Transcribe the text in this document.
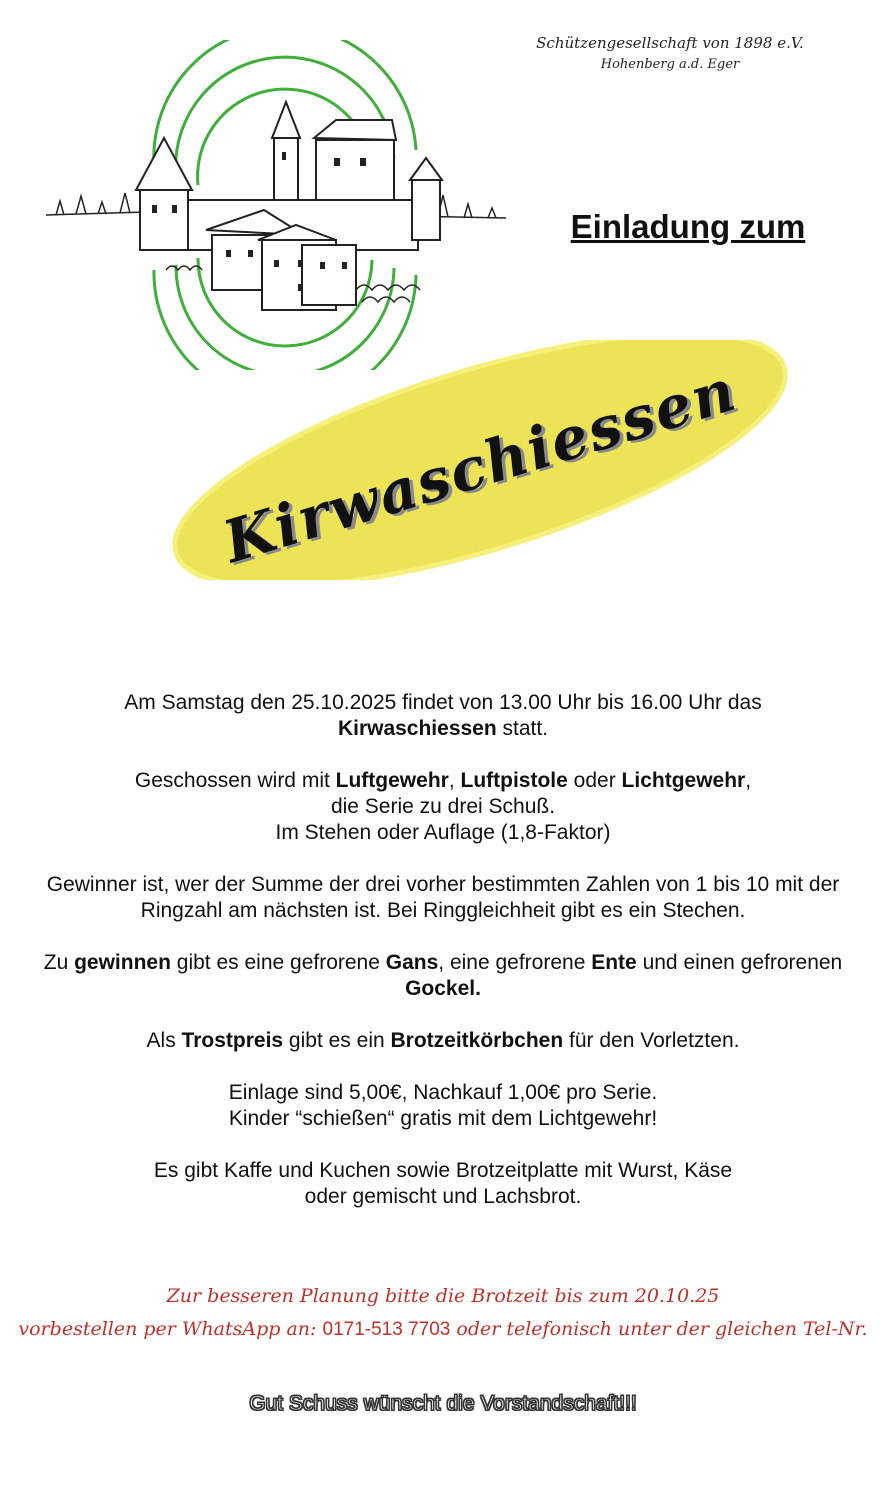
Schützengesellschaft von 1898 e.V.
Hohenberg a.d. Eger
Einladung zum
Kirwaschiessen

Am Samstag den 25.10.2025 findet von 13.00 Uhr bis 16.00 Uhr das
Kirwaschiessen statt.

Geschossen wird mit Luftgewehr, Luftpistole oder Lichtgewehr,
die Serie zu drei Schuß.
Im Stehen oder Auflage (1,8-Faktor)

Gewinner ist, wer der Summe der drei vorher bestimmten Zahlen von 1 bis 10 mit der Ringzahl am nächsten ist. Bei Ringgleichheit gibt es ein Stechen.

Zu gewinnen gibt es eine gefrorene Gans, eine gefrorene Ente und einen gefrorenen Gockel.

Als Trostpreis gibt es ein Brotzeitkörbchen für den Vorletzten.

Einlage sind 5,00€, Nachkauf 1,00€ pro Serie.
Kinder “schießen“ gratis mit dem Lichtgewehr!

Es gibt Kaffe und Kuchen sowie Brotzeitplatte mit Wurst, Käse
oder gemischt und Lachsbrot.

Zur besseren Planung bitte die Brotzeit bis zum 20.10.25
vorbestellen per WhatsApp an: 0171-513 7703 oder telefonisch unter der gleichen Tel-Nr.
Gut Schuss wünscht die Vorstandschaft!!!
